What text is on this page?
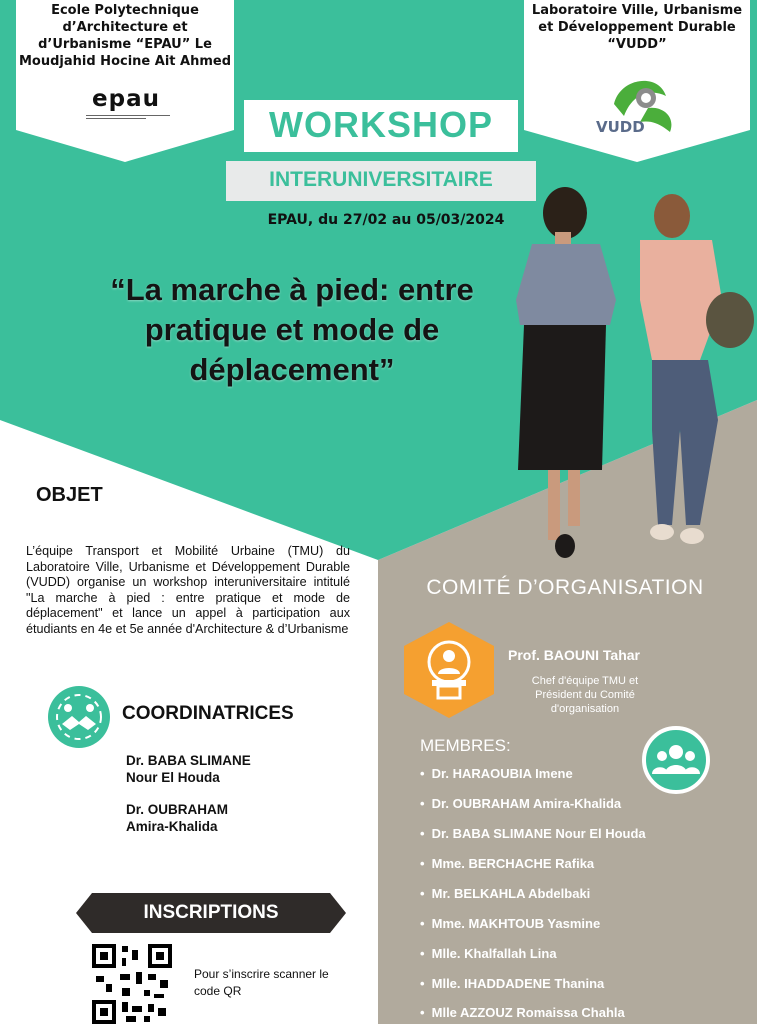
Ecole Polytechnique d’Architecture et d’Urbanisme “EPAU” Le Moudjahid Hocine Ait Ahmed
epau
Laboratoire Ville, Urbanisme et Développement Durable “VUDD”
VUDD
WORKSHOP
INTERUNIVERSITAIRE
EPAU, du 27/02 au 05/03/2024
“La marche à pied: entre pratique et mode de déplacement”
OBJET
L’équipe Transport et Mobilité Urbaine (TMU) du Laboratoire Ville, Urbanisme et Développement Durable (VUDD) organise un workshop interuniversitaire intitulé "La marche à pied : entre pratique et mode de déplacement" et lance un appel à participation aux étudiants en 4e et 5e année d'Architecture & d’Urbanisme
COORDINATRICES
Dr. BABA SLIMANE
Nour El Houda
Dr. OUBRAHAM
Amira-Khalida
INSCRIPTIONS
Pour s’inscrire scanner le code QR
COMITÉ D’ORGANISATION
Prof. BAOUNI Tahar
Chef d'équipe TMU et Président du Comité d'organisation
MEMBRES:
• Dr. HARAOUBIA Imene
• Dr. OUBRAHAM Amira-Khalida
• Dr. BABA SLIMANE Nour El Houda
• Mme. BERCHACHE Rafika
• Mr. BELKAHLA Abdelbaki
• Mme. MAKHTOUB Yasmine
• Mlle. Khalfallah Lina
• Mlle. IHADDADENE Thanina
• Mlle AZZOUZ Romaissa Chahla
